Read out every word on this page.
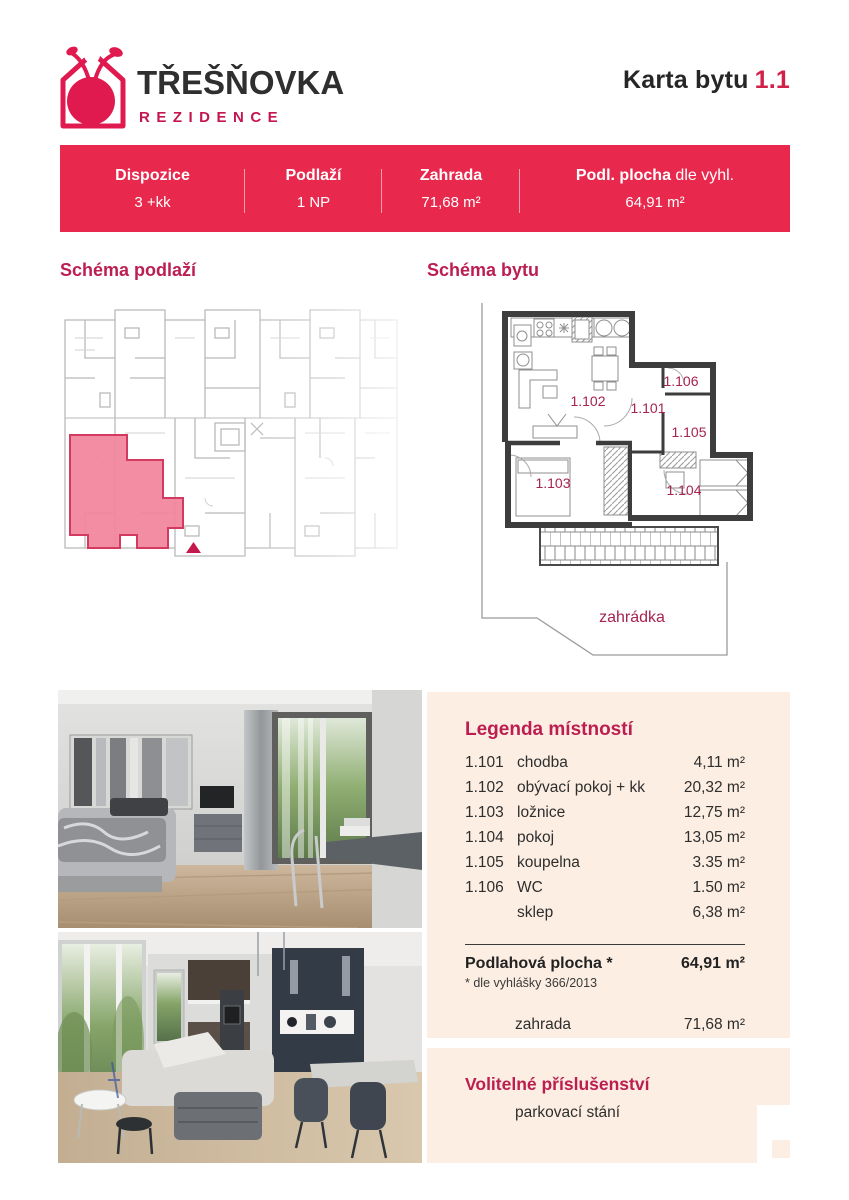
TŘEŠŇOVKA
REZIDENCE
Karta bytu 1.1
Dispozice
3 +kk
Podlaží
1 NP
Zahrada
71,68 m²
Podl. plocha dle vyhl.
64,91 m²
Schéma podlaží	Schéma bytu
zahrádka
1.102 1.101
1.106
1.105
1.103	1.104
Legenda místností
1.101 chodba	4,11 m²
1.102 obývací pokoj + kk	20,32 m²
1.103 ložnice	12,75 m²
1.104 pokoj	13,05 m²
1.105 koupelna	3.35 m²
1.106 WC	1.50 m²
sklep	6,38 m²
Podlahová plocha *	64,91 m²
* dle vyhlášky 366/2013
zahrada	71,68 m²
Volitelné příslušenství
parkovací stání
